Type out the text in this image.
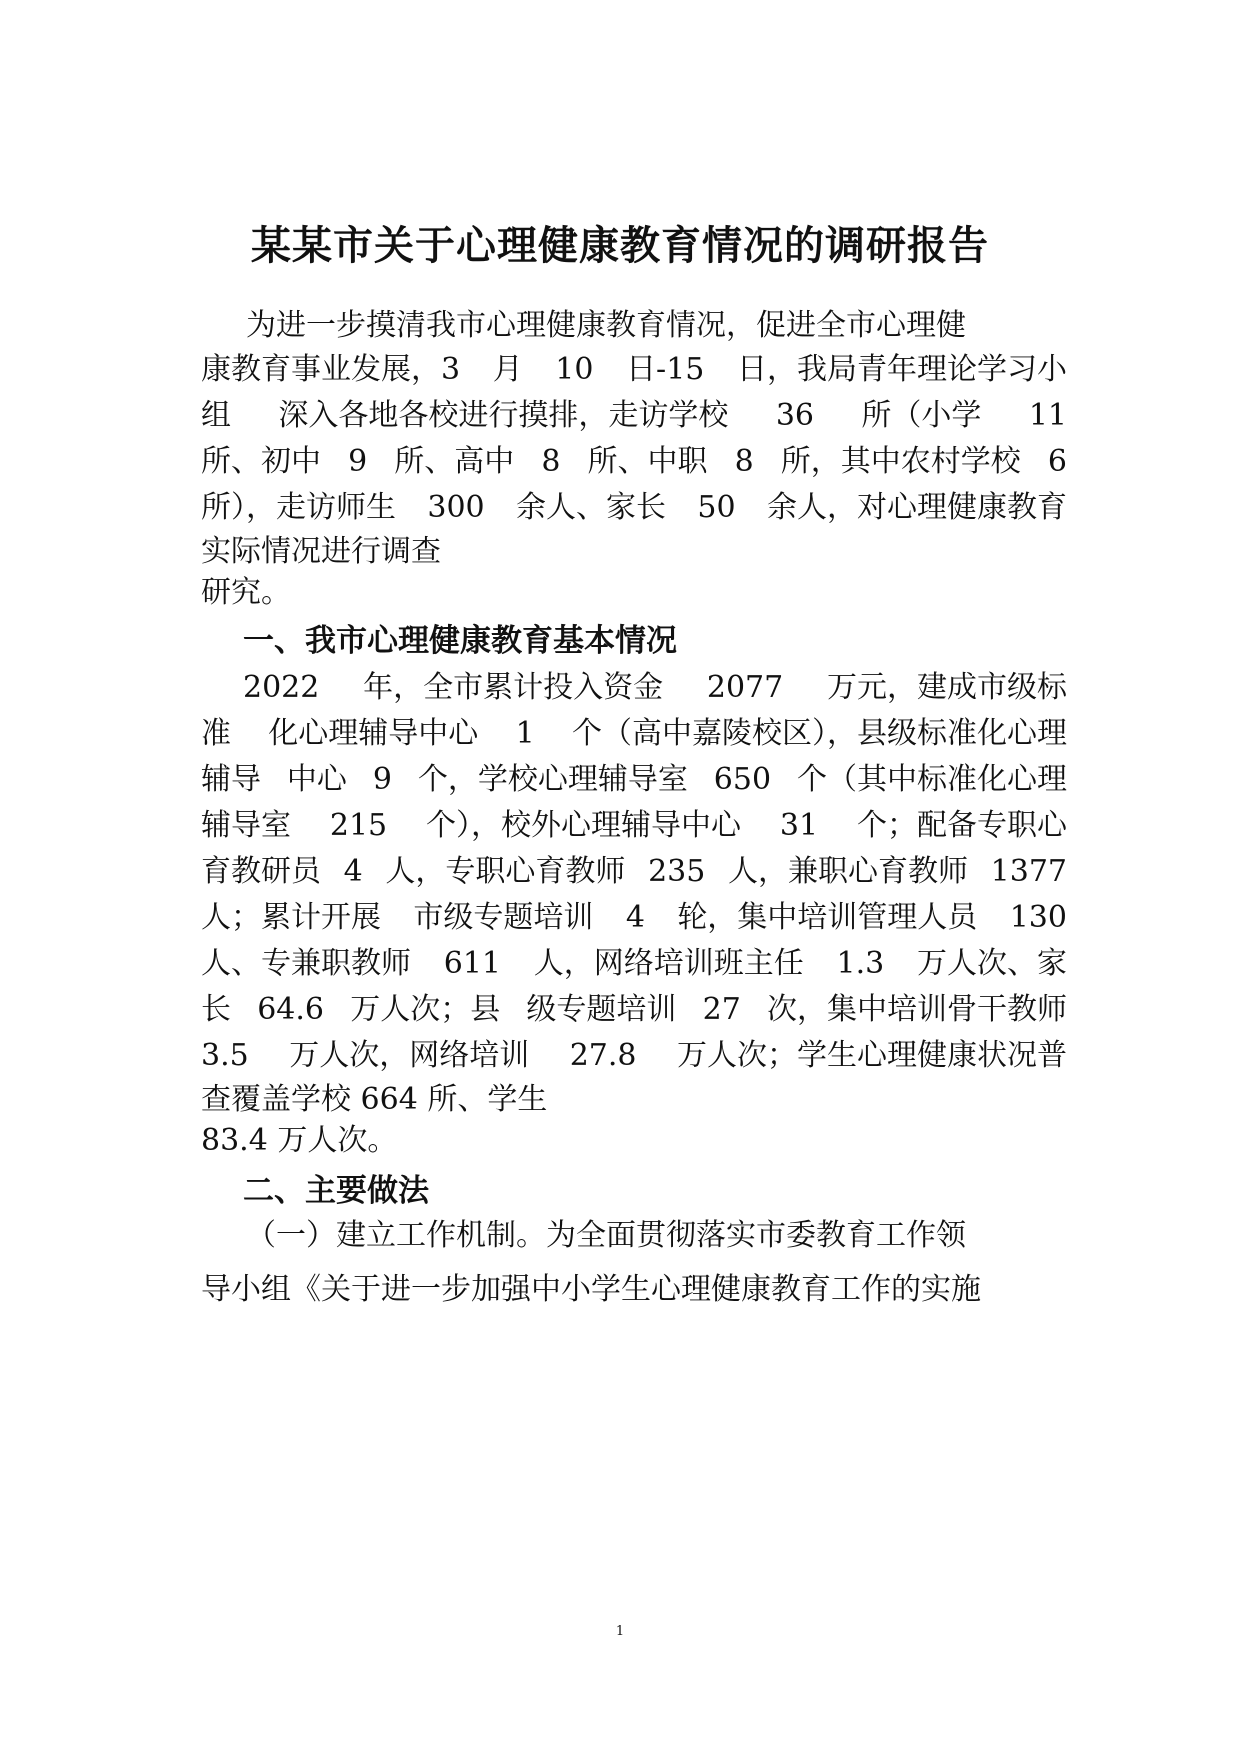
某某市关于心理健康教育情况的调研报告

为进一步摸清我市心理健康教育情况，促进全市心理健

康教育事业发展，3 月 10 日-15 日，我局青年理论学习小

组 深入各地各校进行摸排，走访学校 36 所（小学 11

所、初中 9 所、高中 8 所、中职 8 所，其中农村学校 6

所），走访师生 300 余人、家长 50 余人，对心理健康教育

实际情况进行调查

研究。

一、我市心理健康教育基本情况

2022 年，全市累计投入资金 2077 万元，建成市级标

准 化心理辅导中心 1 个（高中嘉陵校区），县级标准化心理

辅导 中心 9 个，学校心理辅导室 650 个（其中标准化心理

辅导室 215 个），校外心理辅导中心 31 个；配备专职心

育教研员 4 人，专职心育教师 235 人，兼职心育教师 1377

人；累计开展 市级专题培训 4 轮，集中培训管理人员 130

人、专兼职教师 611 人，网络培训班主任 1.3 万人次、家

长 64.6 万人次；县 级专题培训 27 次，集中培训骨干教师

3.5 万人次，网络培训 27.8 万人次；学生心理健康状况普

查覆盖学校 664 所、学生

83.4 万人次。

二、主要做法

（一）建立工作机制。为全面贯彻落实市委教育工作领

导小组《关于进一步加强中小学生心理健康教育工作的实施

1
